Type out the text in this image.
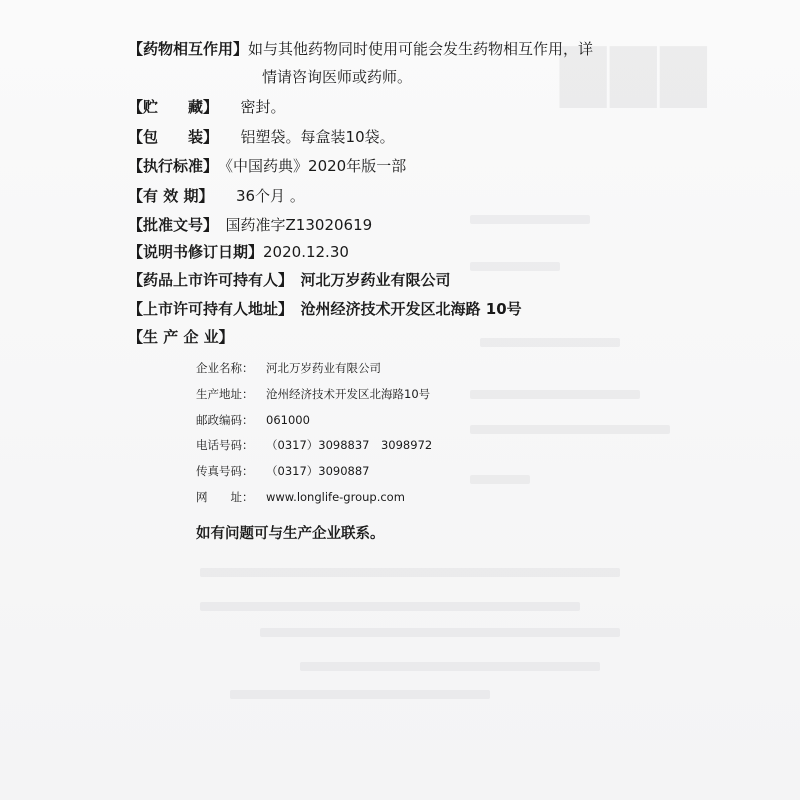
▇▇▇
【药物相互作用】如与其他药物同时使用可能会发生药物相互作用，详
情请咨询医师或药师。
【贮　　藏】　　 密封。
【包　　装】　　 铝塑袋。每盒装10袋。
【执行标准】　 《中国药典》2020年版一部
【有 效 期】　　 36个月 。
【批准文号】　 国药准字Z13020619
【说明书修订日期】2020.12.30
【药品上市许可持有人】　 河北万岁药业有限公司
【上市许可持有人地址】　 沧州经济技术开发区北海路 10号
【生 产 企 业】
企业名称： 河北万岁药业有限公司
生产地址： 沧州经济技术开发区北海路10号
邮政编码： 061000
电话号码： （0317）3098837　3098972
传真号码： （0317）3090887
网　　址： www.longlife-group.com
如有问题可与生产企业联系。
